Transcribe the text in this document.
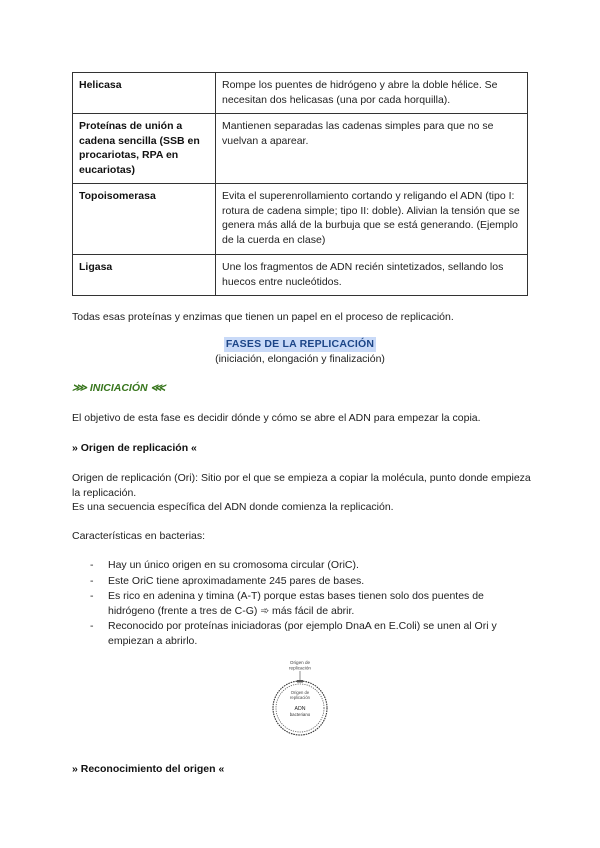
Helicasa	Rompe los puentes de hidrógeno y abre la doble hélice. Se necesitan dos helicasas (una por cada horquilla).
Proteínas de unión a cadena sencilla (SSB en procariotas, RPA en eucariotas)	Mantienen separadas las cadenas simples para que no se vuelvan a aparear.
Topoisomerasa	Evita el superenrollamiento cortando y religando el ADN (tipo I: rotura de cadena simple; tipo II: doble). Alivian la tensión que se genera más allá de la burbuja que se está generando. (Ejemplo de la cuerda en clase)
Ligasa	Une los fragmentos de ADN recién sintetizados, sellando los huecos entre nucleótidos.
Todas esas proteínas y enzimas que tienen un papel en el proceso de replicación.
FASES DE LA REPLICACIÓN
(iniciación, elongación y finalización)
⋙ INICIACIÓN ⋘
El objetivo de esta fase es decidir dónde y cómo se abre el ADN para empezar la copia.
» Origen de replicación «
Origen de replicación (Ori): Sitio por el que se empieza a copiar la molécula, punto donde empieza la replicación.
Es una secuencia específica del ADN donde comienza la replicación.
Características en bacterias:
- Hay un único origen en su cromosoma circular (OriC).
- Este OriC tiene aproximadamente 245 pares de bases.
- Es rico en adenina y timina (A-T) porque estas bases tienen solo dos puentes de hidrógeno (frente a tres de C-G) ➾ más fácil de abrir.
- Reconocido por proteínas iniciadoras (por ejemplo DnaA en E.Coli) se unen al Ori y empiezan a abrirlo.
Origen de
replicación
Origen de
replicación
ADN
bacteriano
» Reconocimiento del origen «
